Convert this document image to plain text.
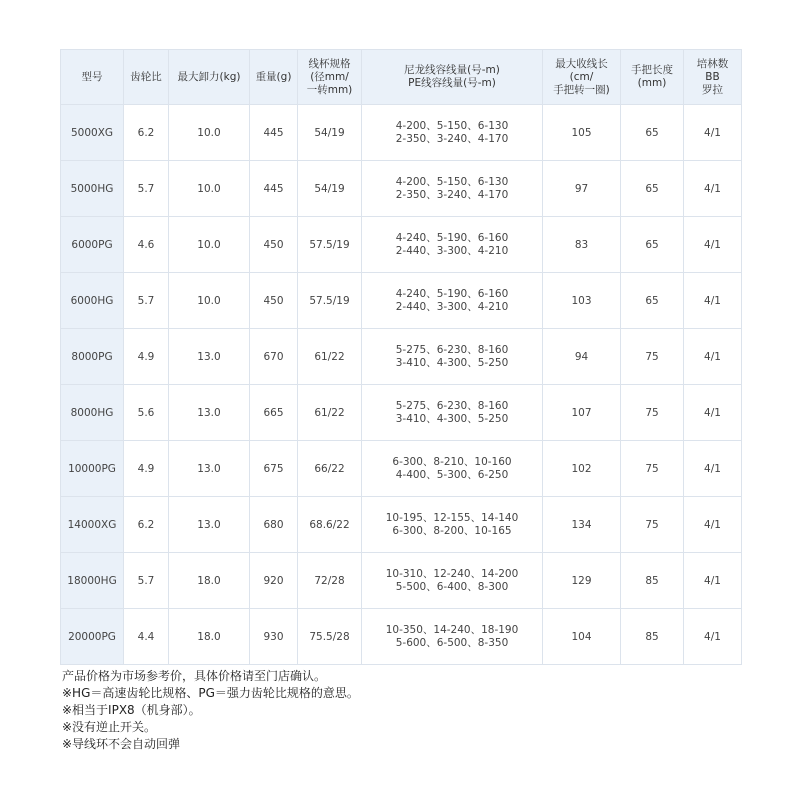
型号	齿轮比	最大卸力(kg)	重量(g)	线杯规格
(径mm/
一转mm)	尼龙线容线量(号-m)
PE线容线量(号-m)	最大收线长
(cm/
手把转一圈)	手把长度
(mm)	培林数
BB
罗拉

5000XG	6.2	10.0	445	54/19	4-200、5-150、6-130
2-350、3-240、4-170	105	65	4/1
5000HG	5.7	10.0	445	54/19	4-200、5-150、6-130
2-350、3-240、4-170	97	65	4/1
6000PG	4.6	10.0	450	57.5/19	4-240、5-190、6-160
2-440、3-300、4-210	83	65	4/1
6000HG	5.7	10.0	450	57.5/19	4-240、5-190、6-160
2-440、3-300、4-210	103	65	4/1
8000PG	4.9	13.0	670	61/22	5-275、6-230、8-160
3-410、4-300、5-250	94	75	4/1
8000HG	5.6	13.0	665	61/22	5-275、6-230、8-160
3-410、4-300、5-250	107	75	4/1
10000PG	4.9	13.0	675	66/22	6-300、8-210、10-160
4-400、5-300、6-250	102	75	4/1
14000XG	6.2	13.0	680	68.6/22	10-195、12-155、14-140
6-300、8-200、10-165	134	75	4/1
18000HG	5.7	18.0	920	72/28	10-310、12-240、14-200
5-500、6-400、8-300	129	85	4/1
20000PG	4.4	18.0	930	75.5/28	10-350、14-240、18-190
5-600、6-500、8-350	104	85	4/1
产品价格为市场参考价，具体价格请至门店确认。
※HG＝高速齿轮比规格、PG＝强力齿轮比规格的意思。
※相当于IPX8（机身部）。
※没有逆止开关。
※导线环不会自动回弹
